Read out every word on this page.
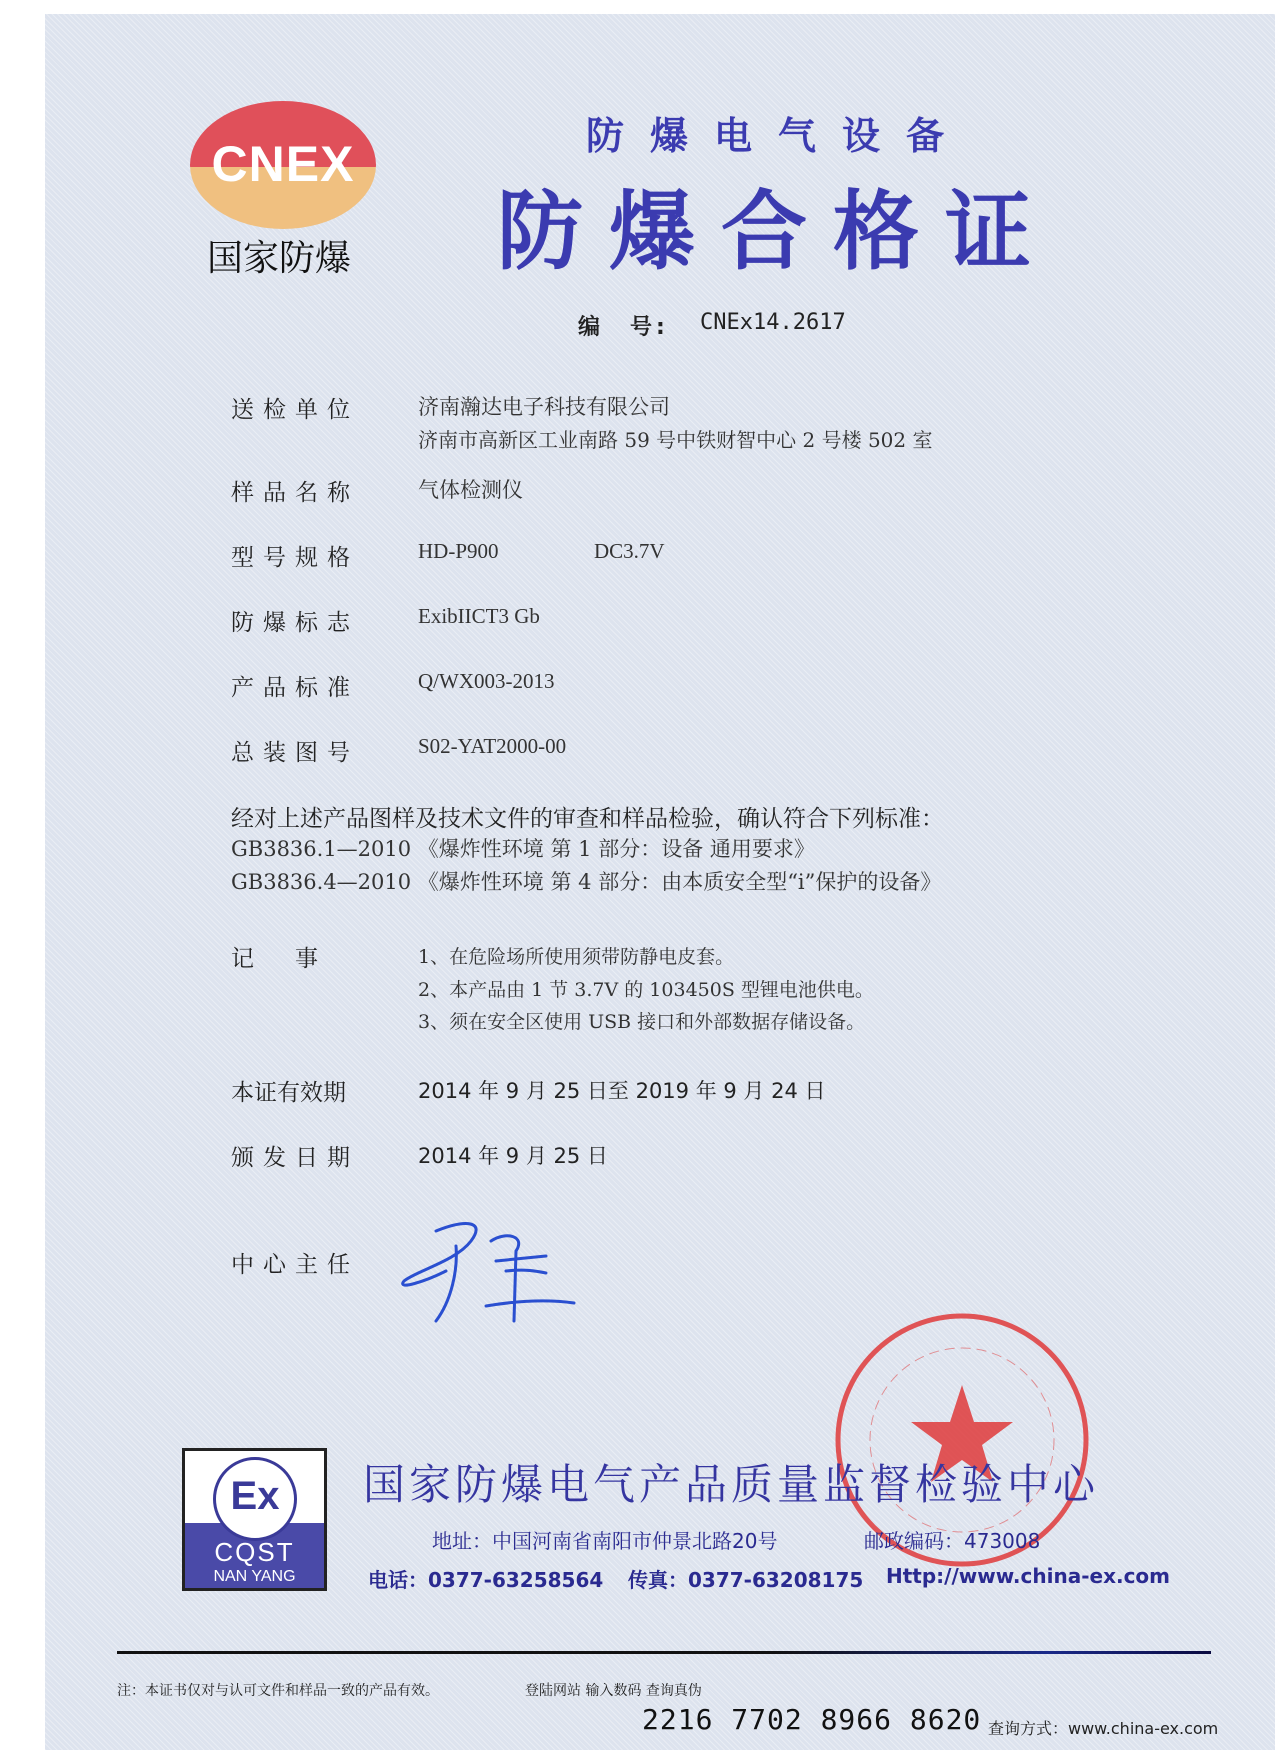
CNEX
国家防爆
防爆电气设备
防爆合格证
编　号: CNEx14.2617
送检单位	济南瀚达电子科技有限公司
济南市高新区工业南路 59 号中铁财智中心 2 号楼 502 室
样品名称	气体检测仪
型号规格	HD-P900	DC3.7V
防爆标志	ExibIICT3 Gb
产品标准	Q/WX003-2013
总装图号	S02-YAT2000-00
经对上述产品图样及技术文件的审查和样品检验，确认符合下列标准：
GB3836.1—2010 《爆炸性环境 第 1 部分：设备 通用要求》
GB3836.4—2010 《爆炸性环境 第 4 部分：由本质安全型“i”保护的设备》
记　事	1、在危险场所使用须带防静电皮套。
2、本产品由 1 节 3.7V 的 103450S 型锂电池供电。
3、须在安全区使用 USB 接口和外部数据存储设备。
本证有效期	2014 年 9 月 25 日至 2019 年 9 月 24 日
颁发日期	2014 年 9 月 25 日
中心主任
Ex
CQST
NAN YANG
国家防爆电气产品质量监督检验中心
地址：中国河南省南阳市仲景北路20号	邮政编码：473008
电话：0377-63258564 传真：0377-63208175 Http://www.china-ex.com
注：本证书仅对与认可文件和样品一致的产品有效。	登陆网站 输入数码 查询真伪
2216 7702 8966 8620 查询方式：www.china-ex.com
